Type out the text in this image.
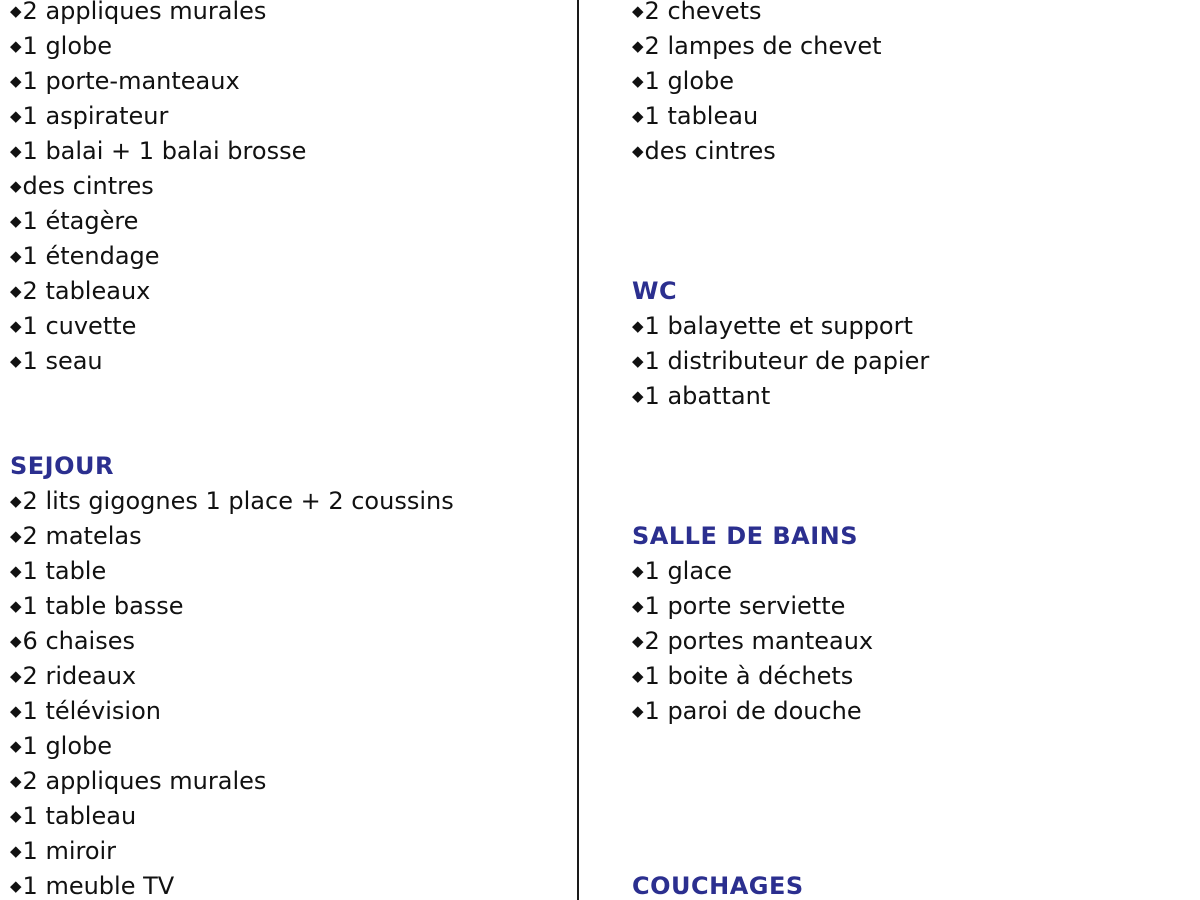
◆2 appliques murales
◆1 globe
◆1 porte-manteaux
◆1 aspirateur
◆1 balai + 1 balai brosse
◆des cintres
◆1 étagère
◆1 étendage
◆2 tableaux
◆1 cuvette
◆1 seau
SEJOUR
◆2 lits gigognes 1 place + 2 coussins
◆2 matelas
◆1 table
◆1 table basse
◆6 chaises
◆2 rideaux
◆1 télévision
◆1 globe
◆2 appliques murales
◆1 tableau
◆1 miroir
◆1 meuble TV
◆2 chevets
◆2 lampes de chevet
◆1 globe
◆1 tableau
◆des cintres
WC
◆1 balayette et support
◆1 distributeur de papier
◆1 abattant
SALLE DE BAINS
◆1 glace
◆1 porte serviette
◆2 portes manteaux
◆1 boite à déchets
◆1 paroi de douche
COUCHAGES
